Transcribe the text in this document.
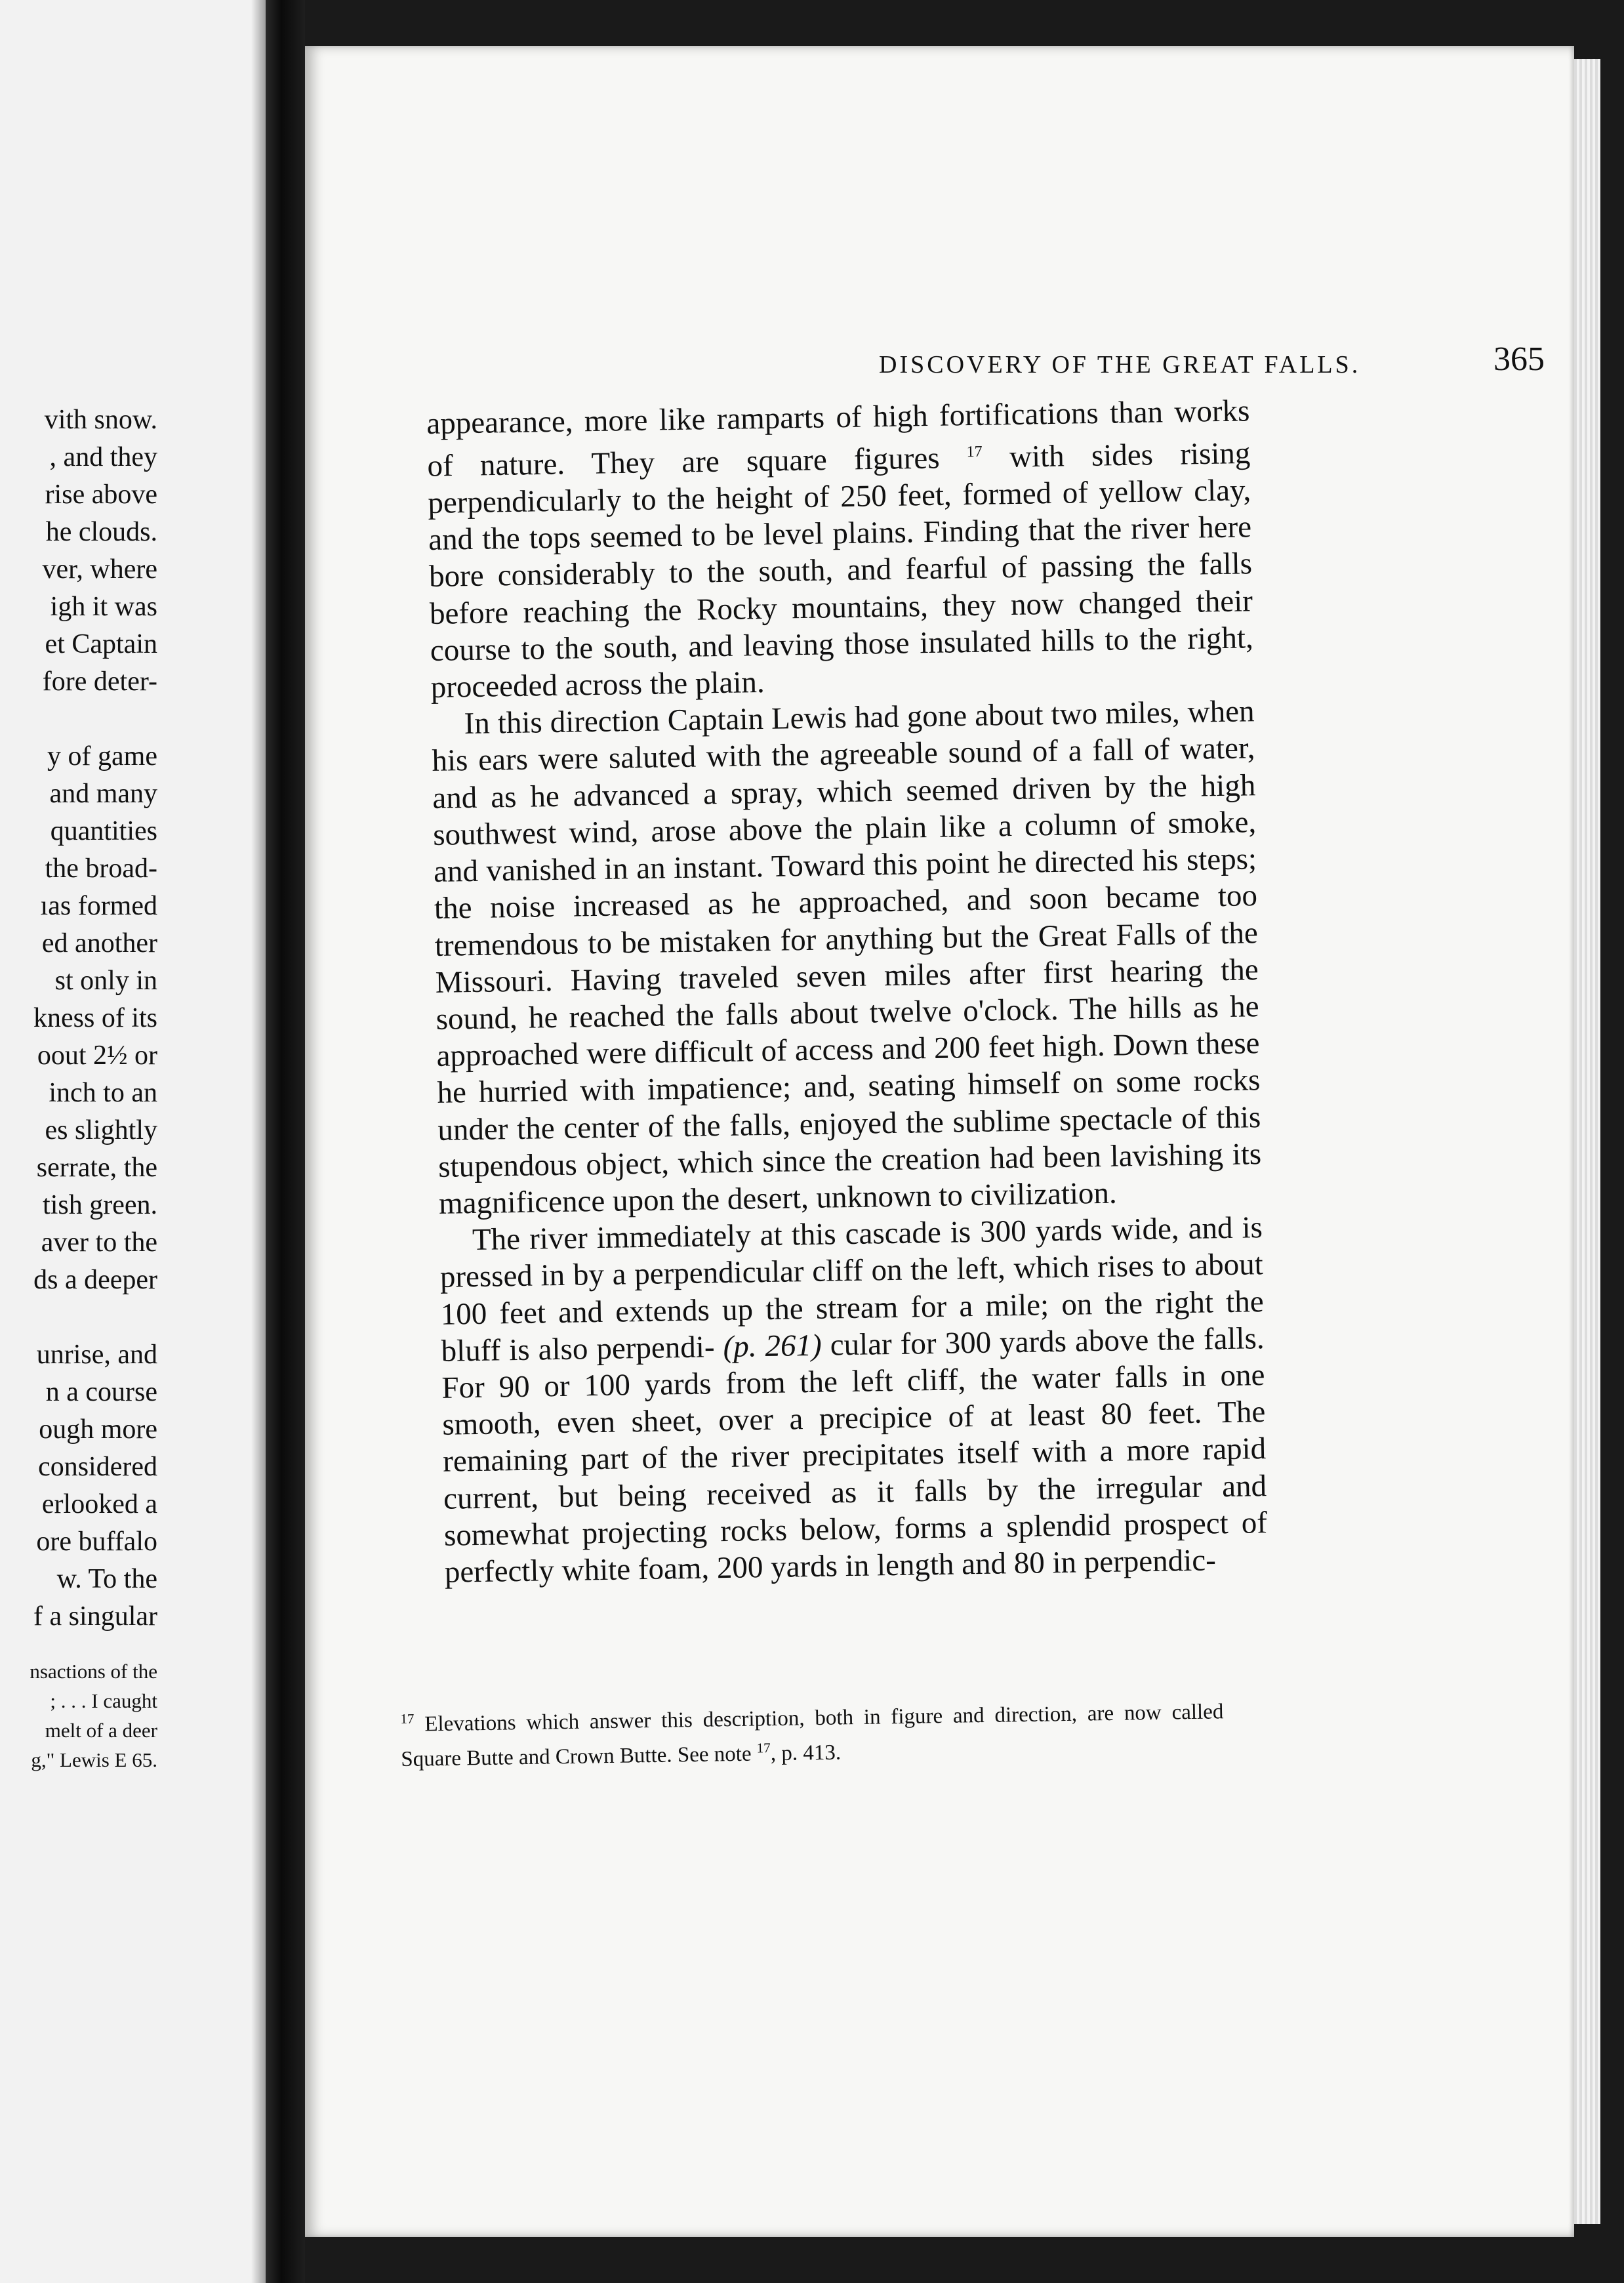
vith snow.
, and they
rise above
he clouds.
ver, where
igh it was
et Captain
fore deter-
y of game
and many
quantities
the broad-
ıas formed
ed another
st only in
kness of its
oout 2½ or
inch to an
es slightly
serrate, the
tish green.
aver to the
ds a deeper
unrise, and
n a course
ough more
considered
erlooked a
ore buffalo
w. To the
f a singular
nsactions of the
; . . . I caught
melt of a deer
g," Lewis E 65.
DISCOVERY OF THE GREAT FALLS.	365

appearance, more like ramparts of high fortifications than works of nature. They are square figures $^{17}$ with sides rising perpendicularly to the height of 250 feet, formed of yellow clay, and the tops seemed to be level plains. Finding that the river here bore considerably to the south, and fearful of passing the falls before reaching the Rocky mountains, they now changed their course to the south, and leaving those insulated hills to the right, proceeded across the plain.

In this direction Captain Lewis had gone about two miles, when his ears were saluted with the agreeable sound of a fall of water, and as he advanced a spray, which seemed driven by the high southwest wind, arose above the plain like a column of smoke, and vanished in an instant. Toward this point he directed his steps; the noise increased as he approached, and soon became too tremendous to be mistaken for anything but the Great Falls of the Missouri. Having traveled seven miles after first hearing the sound, he reached the falls about twelve o'clock. The hills as he approached were difficult of access and 200 feet high. Down these he hurried with impatience; and, seating himself on some rocks under the center of the falls, enjoyed the sublime spectacle of this stupendous object, which since the creation had been lavishing its magnificence upon the desert, unknown to civilization.

The river immediately at this cascade is 300 yards wide, and is pressed in by a perpendicular cliff on the left, which rises to about 100 feet and extends up the stream for a mile; on the right the bluff is also perpendi- (p. 261) cular for 300 yards above the falls. For 90 or 100 yards from the left cliff, the water falls in one smooth, even sheet, over a precipice of at least 80 feet. The remaining part of the river precipitates itself with a more rapid current, but being received as it falls by the irregular and somewhat projecting rocks below, forms a splendid prospect of perfectly white foam, 200 yards in length and 80 in perpendic-

$^{17}$ Elevations which answer this description, both in figure and direction, are now called Square Butte and Crown Butte. See note $^{17}$, p. 413.
